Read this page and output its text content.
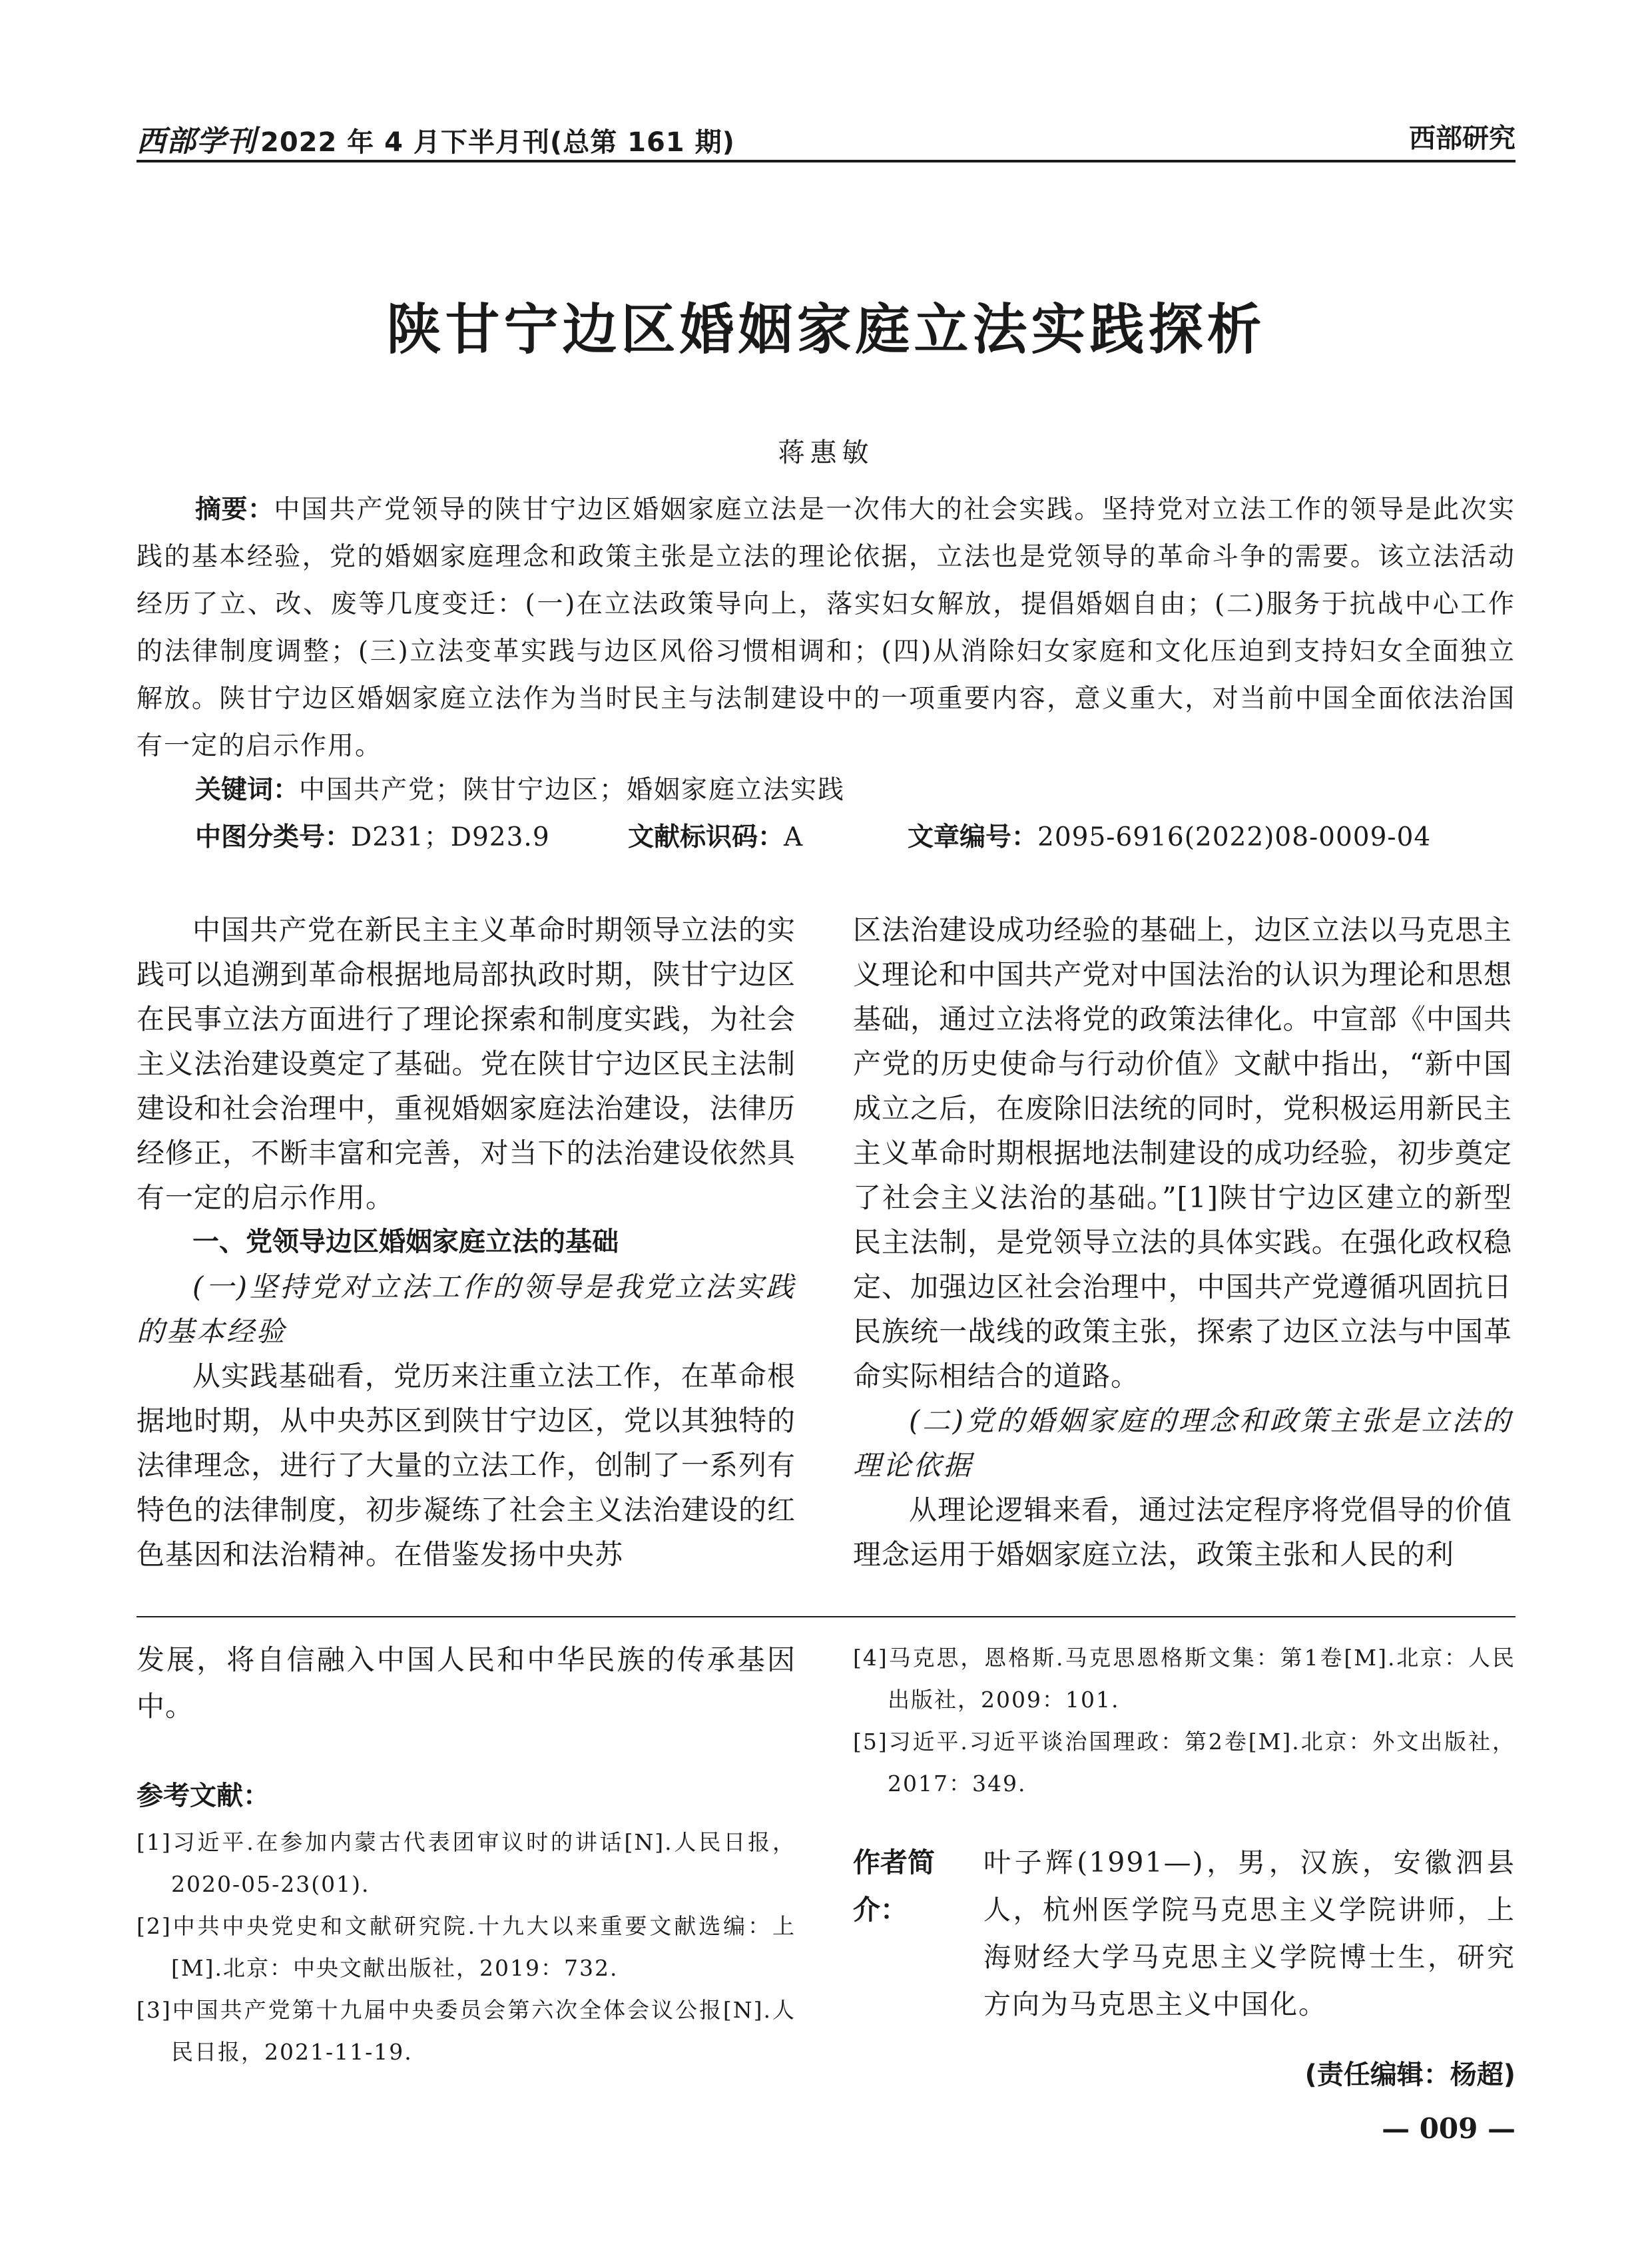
西部学刊 2022 年 4 月下半月刊(总第 161 期)	西部研究
陕甘宁边区婚姻家庭立法实践探析
蒋惠敏
摘要：中国共产党领导的陕甘宁边区婚姻家庭立法是一次伟大的社会实践。坚持党对立法工作的领导是此次实践的基本经验，党的婚姻家庭理念和政策主张是立法的理论依据，立法也是党领导的革命斗争的需要。该立法活动经历了立、改、废等几度变迁：(一)在立法政策导向上，落实妇女解放，提倡婚姻自由；(二)服务于抗战中心工作的法律制度调整；(三)立法变革实践与边区风俗习惯相调和；(四)从消除妇女家庭和文化压迫到支持妇女全面独立解放。陕甘宁边区婚姻家庭立法作为当时民主与法制建设中的一项重要内容，意义重大，对当前中国全面依法治国有一定的启示作用。
关键词：中国共产党；陕甘宁边区；婚姻家庭立法实践
中图分类号：D231；D923.9	文献标识码：A	文章编号：2095-6916(2022)08-0009-04

中国共产党在新民主主义革命时期领导立法的实践可以追溯到革命根据地局部执政时期，陕甘宁边区在民事立法方面进行了理论探索和制度实践，为社会主义法治建设奠定了基础。党在陕甘宁边区民主法制建设和社会治理中，重视婚姻家庭法治建设，法律历经修正，不断丰富和完善，对当下的法治建设依然具有一定的启示作用。

一、党领导边区婚姻家庭立法的基础

(一)坚持党对立法工作的领导是我党立法实践的基本经验

从实践基础看，党历来注重立法工作，在革命根据地时期，从中央苏区到陕甘宁边区，党以其独特的法律理念，进行了大量的立法工作，创制了一系列有特色的法律制度，初步凝练了社会主义法治建设的红色基因和法治精神。在借鉴发扬中央苏

区法治建设成功经验的基础上，边区立法以马克思主义理论和中国共产党对中国法治的认识为理论和思想基础，通过立法将党的政策法律化。中宣部《中国共产党的历史使命与行动价值》文献中指出，“新中国成立之后，在废除旧法统的同时，党积极运用新民主主义革命时期根据地法制建设的成功经验，初步奠定了社会主义法治的基础。”[1]陕甘宁边区建立的新型民主法制，是党领导立法的具体实践。在强化政权稳定、加强边区社会治理中，中国共产党遵循巩固抗日民族统一战线的政策主张，探索了边区立法与中国革命实际相结合的道路。

(二)党的婚姻家庭的理念和政策主张是立法的理论依据

从理论逻辑来看，通过法定程序将党倡导的价值理念运用于婚姻家庭立法，政策主张和人民的利

发展，将自信融入中国人民和中华民族的传承基因中。
参考文献：

[1]习近平.在参加内蒙古代表团审议时的讲话[N].人民日报，2020-05-23(01).

[2]中共中央党史和文献研究院.十九大以来重要文献选编：上[M].北京：中央文献出版社，2019：732.

[3]中国共产党第十九届中央委员会第六次全体会议公报[N].人民日报，2021-11-19.

[4]马克思，恩格斯.马克思恩格斯文集：第1卷[M].北京：人民出版社，2009：101.

[5]习近平.习近平谈治国理政：第2卷[M].北京：外文出版社，2017：349.

作者简介：
叶子辉(1991—)，男，汉族，安徽泗县人，杭州医学院马克思主义学院讲师，上海财经大学马克思主义学院博士生，研究方向为马克思主义中国化。
(责任编辑：杨超)
— 009 —
